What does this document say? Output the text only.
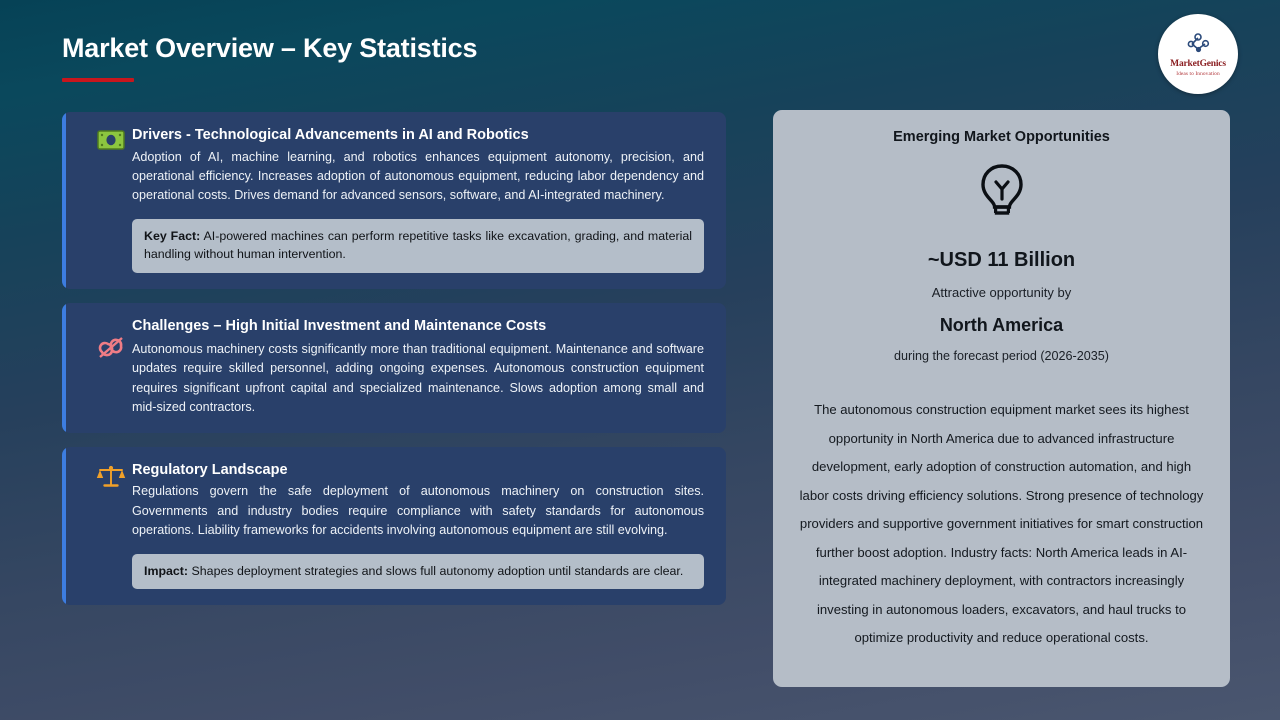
Market Overview – Key Statistics
MarketGenics
Ideas to Innovation
Drivers - Technological Advancements in AI and Robotics
Adoption of AI, machine learning, and robotics enhances equipment autonomy, precision, and operational efficiency. Increases adoption of autonomous equipment, reducing labor dependency and operational costs. Drives demand for advanced sensors, software, and AI-integrated machinery.
Key Fact: AI-powered machines can perform repetitive tasks like excavation, grading, and material handling without human intervention.
Challenges – High Initial Investment and Maintenance Costs
Autonomous machinery costs significantly more than traditional equipment. Maintenance and software updates require skilled personnel, adding ongoing expenses. Autonomous construction equipment requires significant upfront capital and specialized maintenance. Slows adoption among small and mid-sized contractors.
Regulatory Landscape
Regulations govern the safe deployment of autonomous machinery on construction sites. Governments and industry bodies require compliance with safety standards for autonomous operations. Liability frameworks for accidents involving autonomous equipment are still evolving.
Impact: Shapes deployment strategies and slows full autonomy adoption until standards are clear.
Emerging Market Opportunities
~USD 11 Billion
Attractive opportunity by
North America
during the forecast period (2026-2035)
The autonomous construction equipment market sees its highest opportunity in North America due to advanced infrastructure development, early adoption of construction automation, and high labor costs driving efficiency solutions. Strong presence of technology providers and supportive government initiatives for smart construction further boost adoption. Industry facts: North America leads in AI-integrated machinery deployment, with contractors increasingly investing in autonomous loaders, excavators, and haul trucks to optimize productivity and reduce operational costs.
